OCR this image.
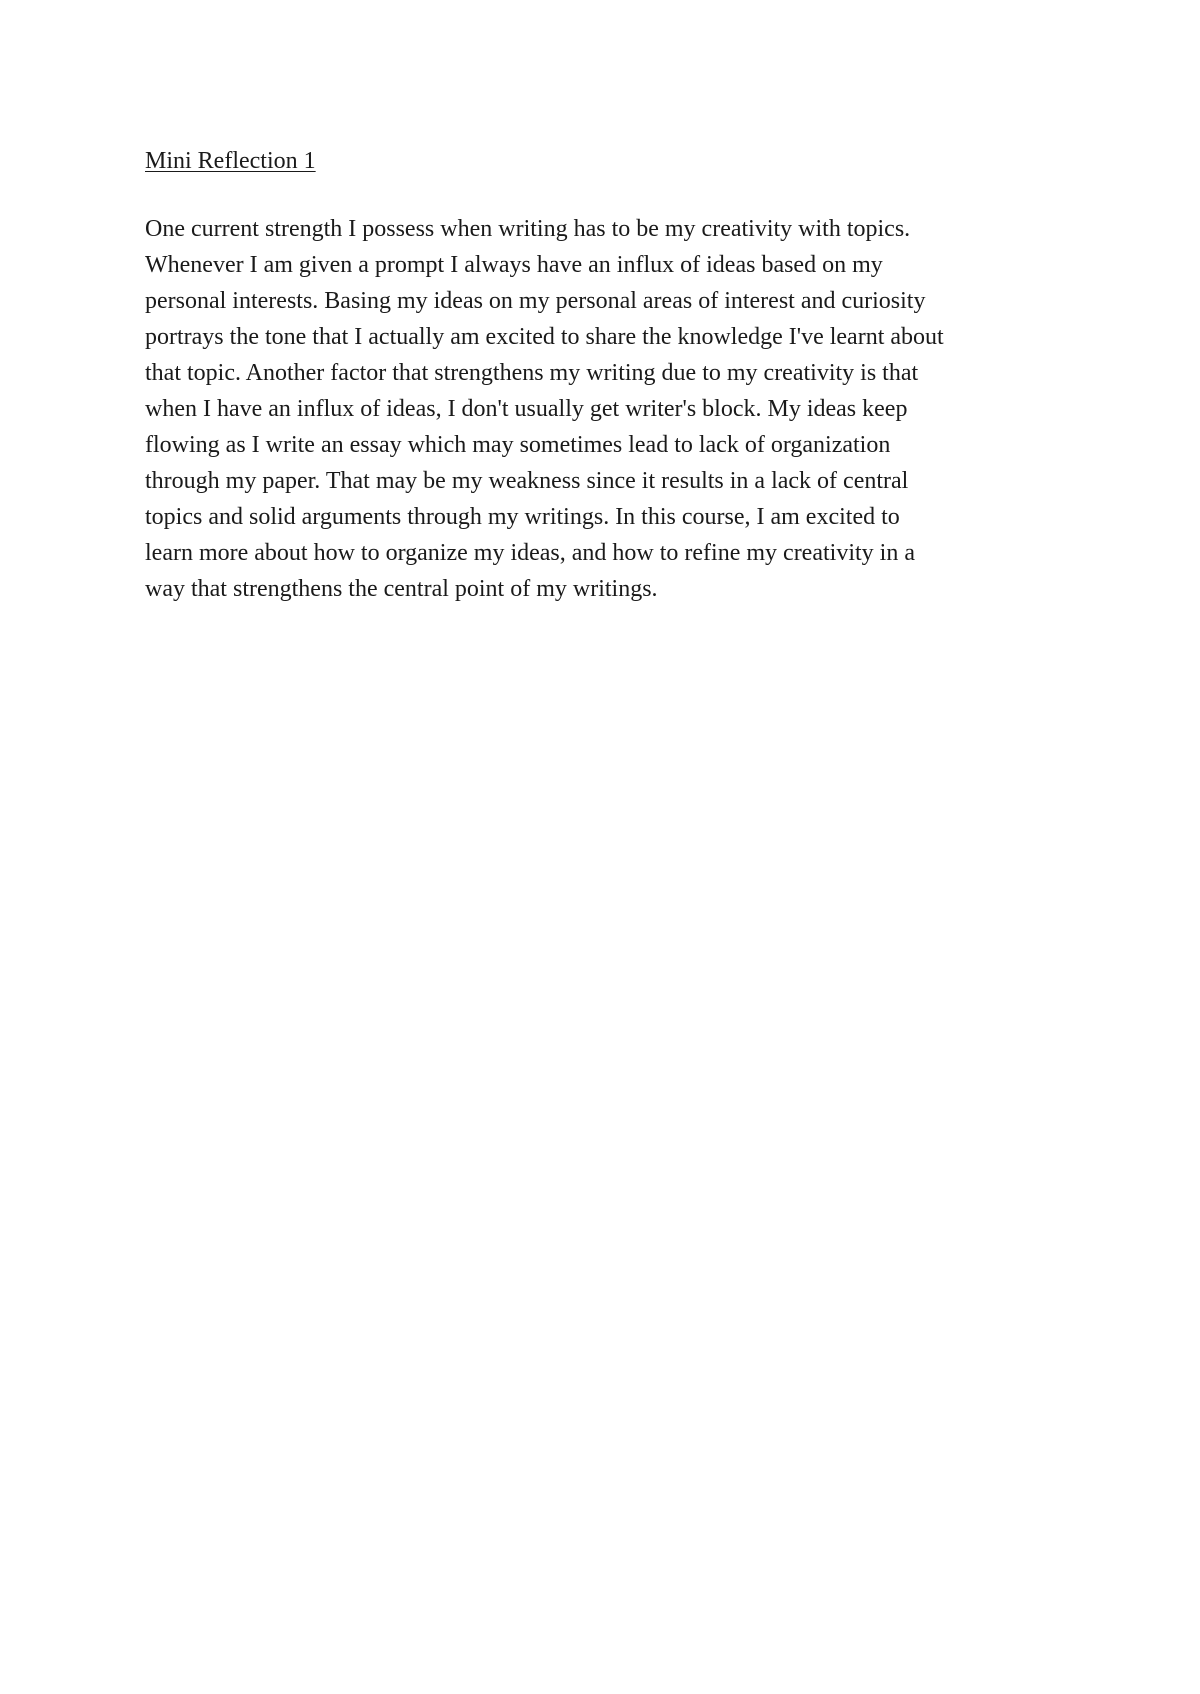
Mini Reflection 1

One current strength I possess when writing has to be my creativity with topics.
Whenever I am given a prompt I always have an influx of ideas based on my
personal interests. Basing my ideas on my personal areas of interest and curiosity
portrays the tone that I actually am excited to share the knowledge I've learnt about
that topic. Another factor that strengthens my writing due to my creativity is that
when I have an influx of ideas, I don't usually get writer's block. My ideas keep
flowing as I write an essay which may sometimes lead to lack of organization
through my paper. That may be my weakness since it results in a lack of central
topics and solid arguments through my writings. In this course, I am excited to
learn more about how to organize my ideas, and how to refine my creativity in a
way that strengthens the central point of my writings.
